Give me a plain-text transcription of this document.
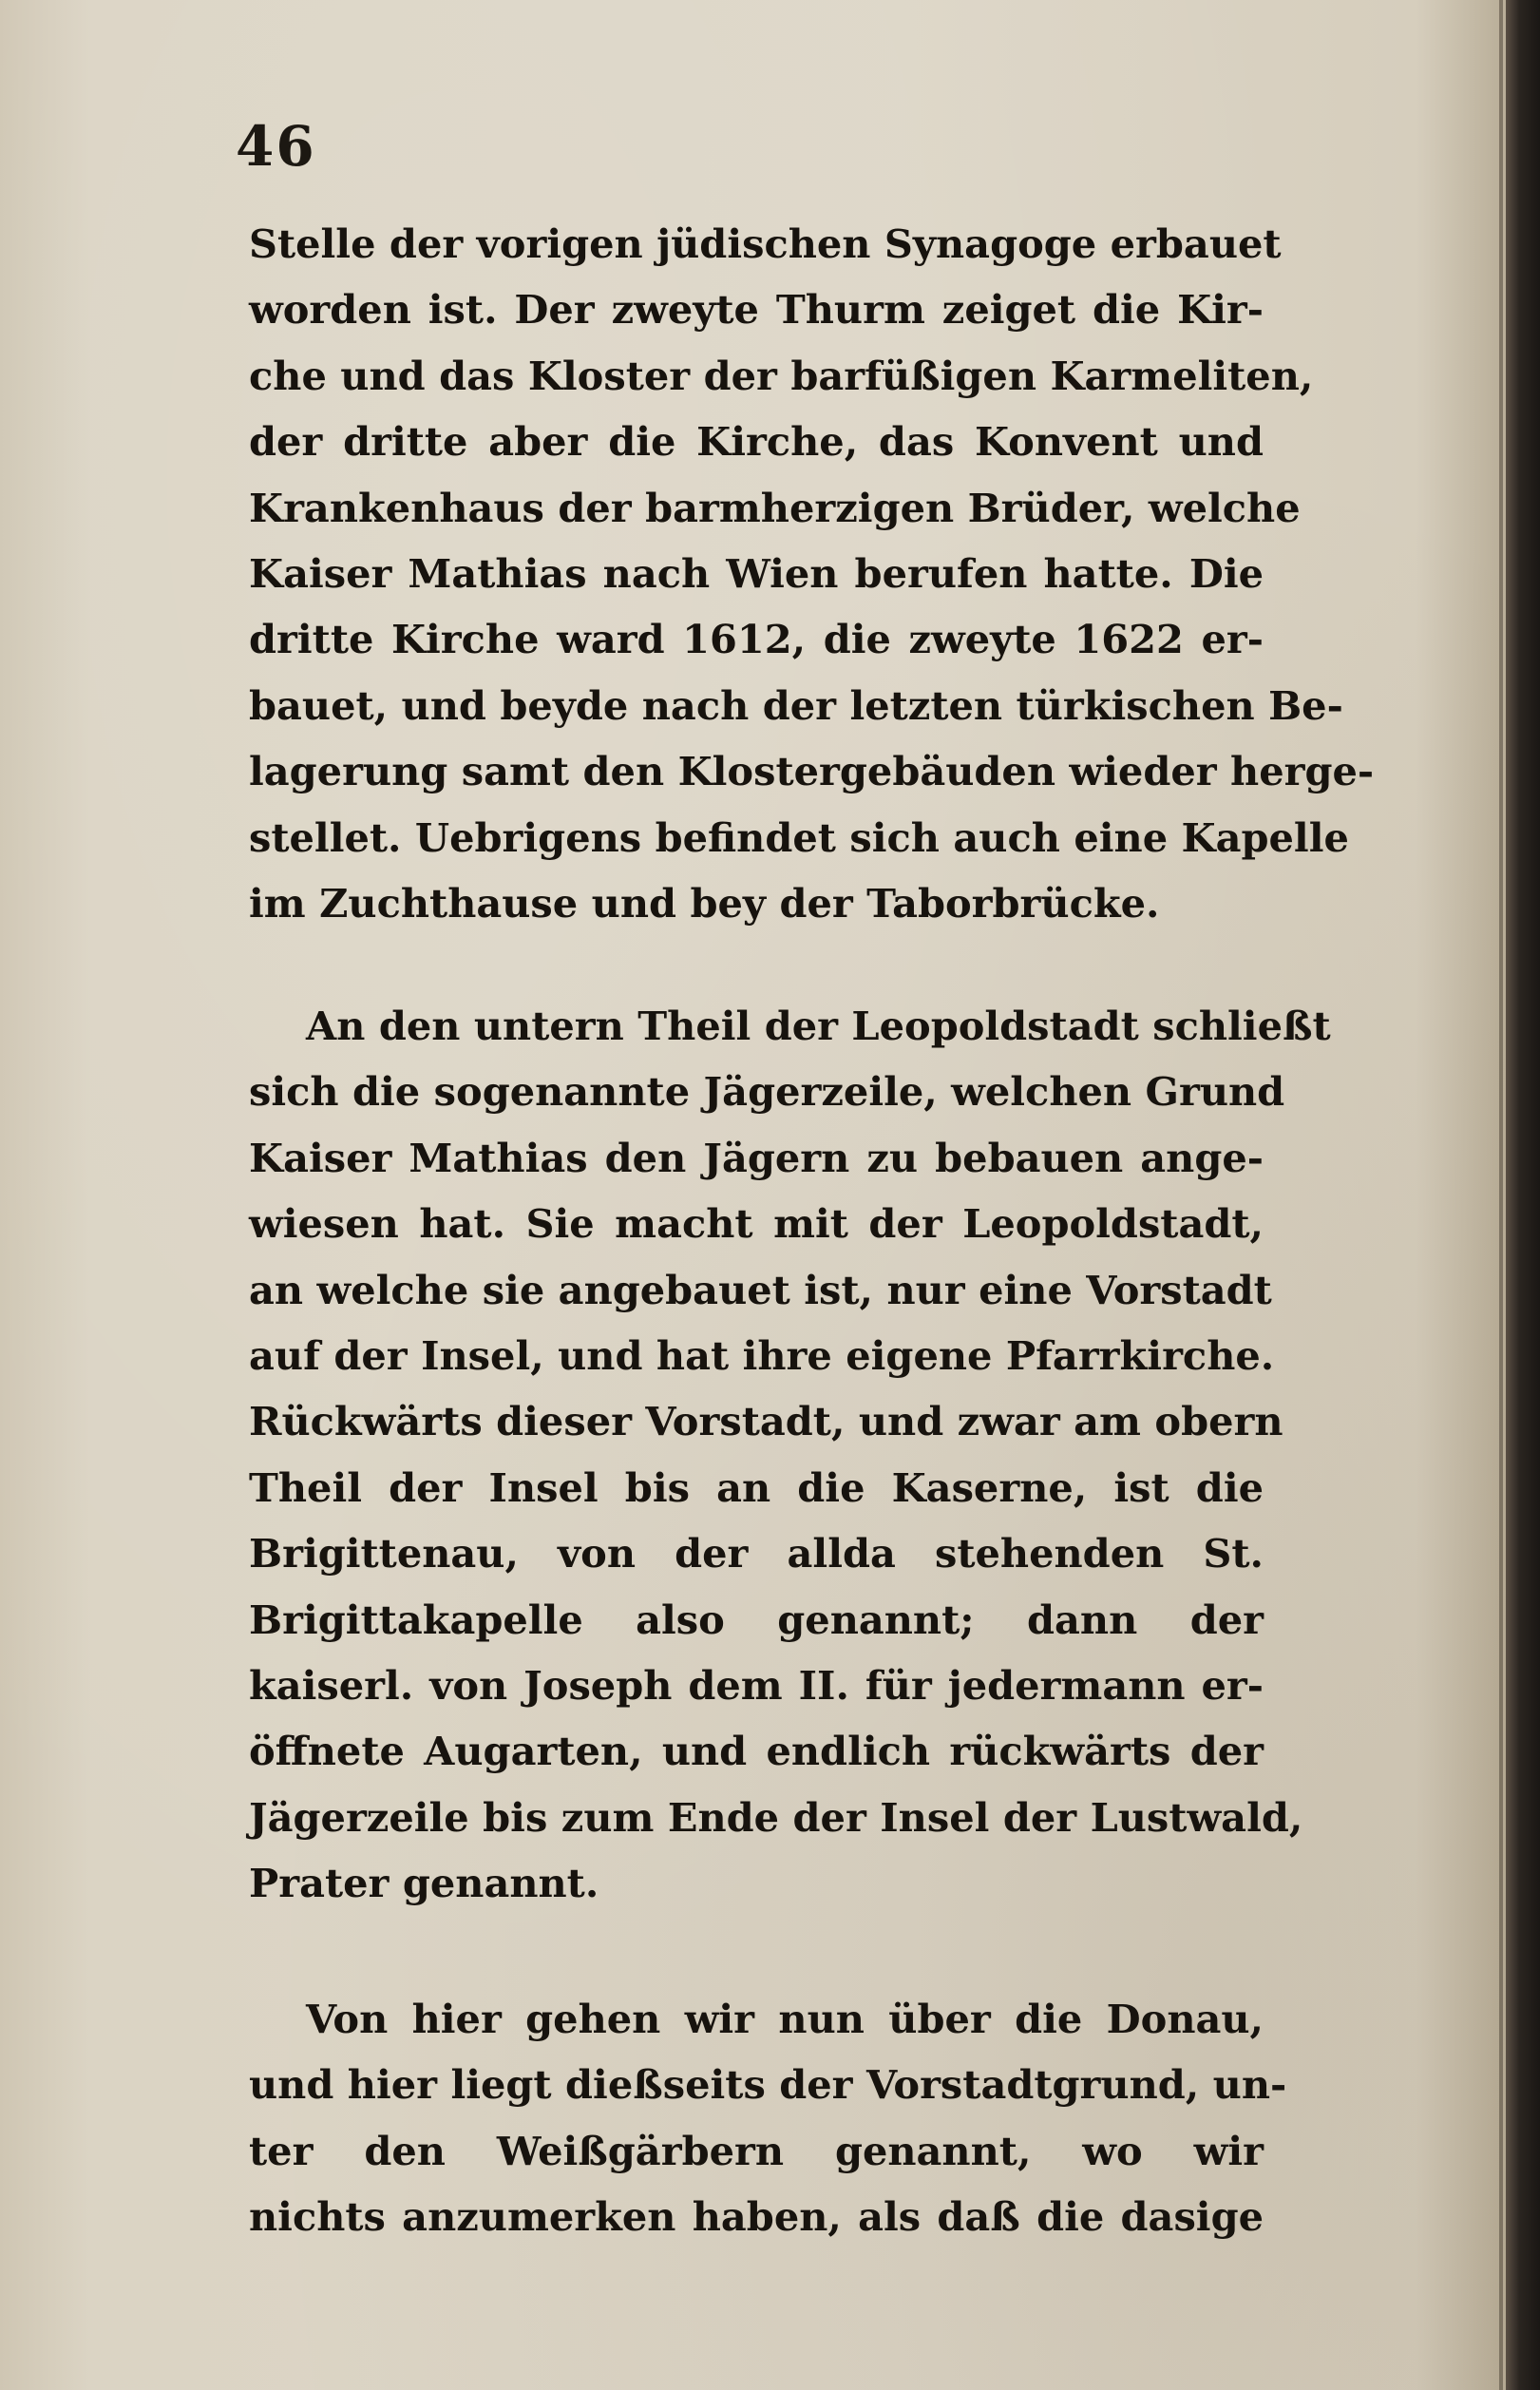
46
Stelle der vorigen jüdischen Synagoge erbauet
worden ist. Der zweyte Thurm zeiget die Kir-
che und das Kloster der barfüßigen Karmeliten,
der dritte aber die Kirche, das Konvent und
Krankenhaus der barmherzigen Brüder, welche
Kaiser Mathias nach Wien berufen hatte. Die
dritte Kirche ward 1612, die zweyte 1622 er-
bauet, und beyde nach der letzten türkischen Be-
lagerung samt den Klostergebäuden wieder herge-
stellet. Uebrigens befindet sich auch eine Kapelle
im Zuchthause und bey der Taborbrücke.
An den untern Theil der Leopoldstadt schließt
sich die sogenannte Jägerzeile, welchen Grund
Kaiser Mathias den Jägern zu bebauen ange-
wiesen hat. Sie macht mit der Leopoldstadt,
an welche sie angebauet ist, nur eine Vorstadt
auf der Insel, und hat ihre eigene Pfarrkirche.
Rückwärts dieser Vorstadt, und zwar am obern
Theil der Insel bis an die Kaserne, ist die
Brigittenau, von der allda stehenden St.
Brigittakapelle also genannt; dann der
kaiserl. von Joseph dem II. für jedermann er-
öffnete Augarten, und endlich rückwärts der
Jägerzeile bis zum Ende der Insel der Lustwald,
Prater genannt.
Von hier gehen wir nun über die Donau,
und hier liegt dießseits der Vorstadtgrund, un-
ter den Weißgärbern genannt, wo wir
nichts anzumerken haben, als daß die dasige
